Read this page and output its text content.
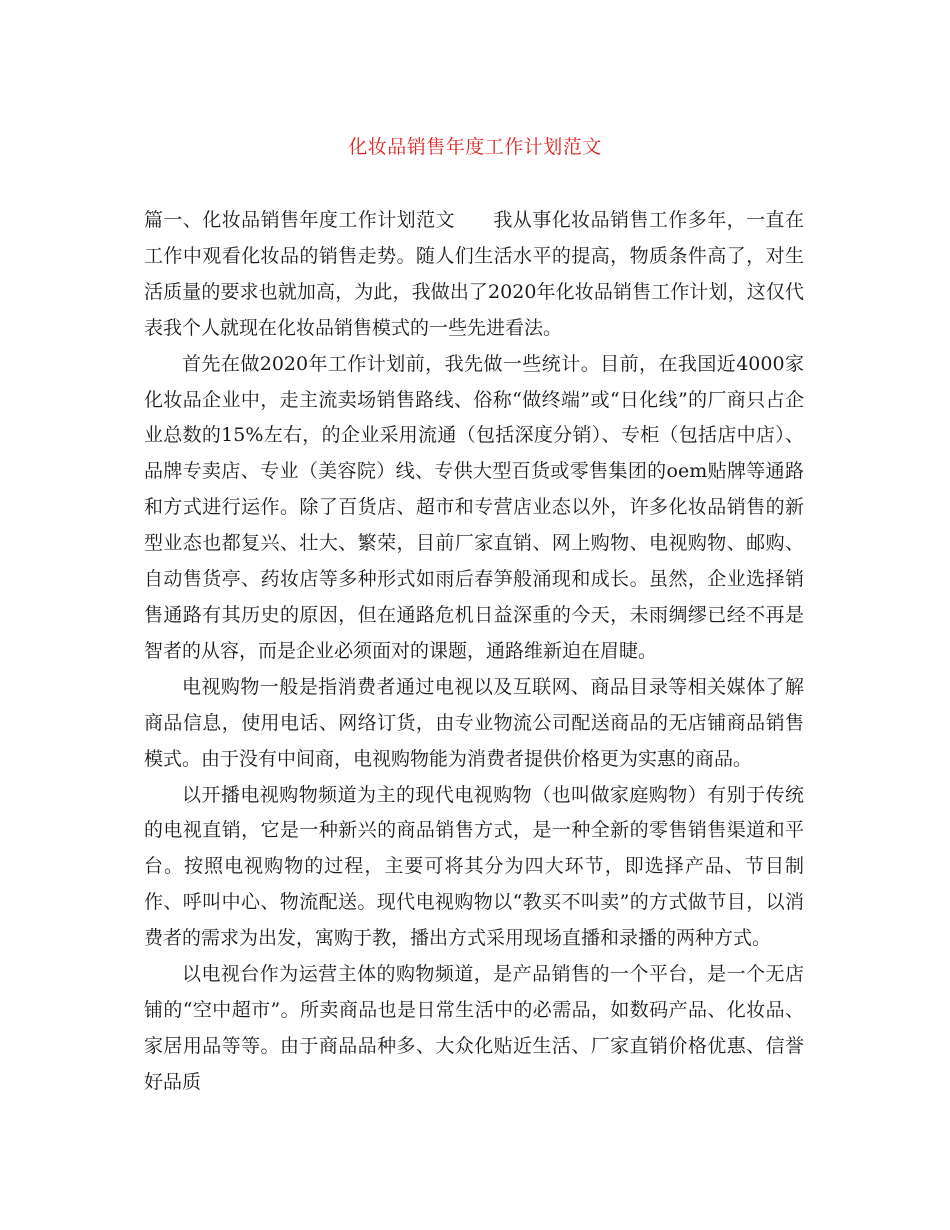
化妆品销售年度工作计划范文

篇一、化妆品销售年度工作计划范文 我从事化妆品销售工作多年，一直在工作中观看化妆品的销售走势。随人们生活水平的提高，物质条件高了，对生活质量的要求也就加高，为此，我做出了2020年化妆品销售工作计划，这仅代表我个人就现在化妆品销售模式的一些先进看法。

首先在做2020年工作计划前，我先做一些统计。目前，在我国近4000家化妆品企业中，走主流卖场销售路线、俗称“做终端”或“日化线”的厂商只占企业总数的15%左右，的企业采用流通（包括深度分销）、专柜（包括店中店）、品牌专卖店、专业（美容院）线、专供大型百货或零售集团的oem贴牌等通路和方式进行运作。除了百货店、超市和专营店业态以外，许多化妆品销售的新型业态也都复兴、壮大、繁荣，目前厂家直销、网上购物、电视购物、邮购、自动售货亭、药妆店等多种形式如雨后春笋般涌现和成长。虽然，企业选择销售通路有其历史的原因，但在通路危机日益深重的今天，未雨绸缪已经不再是智者的从容，而是企业必须面对的课题，通路维新迫在眉睫。

电视购物一般是指消费者通过电视以及互联网、商品目录等相关媒体了解商品信息，使用电话、网络订货，由专业物流公司配送商品的无店铺商品销售模式。由于没有中间商，电视购物能为消费者提供价格更为实惠的商品。

以开播电视购物频道为主的现代电视购物（也叫做家庭购物）有别于传统的电视直销，它是一种新兴的商品销售方式，是一种全新的零售销售渠道和平台。按照电视购物的过程，主要可将其分为四大环节，即选择产品、节目制作、呼叫中心、物流配送。现代电视购物以“教买不叫卖”的方式做节目，以消费者的需求为出发，寓购于教，播出方式采用现场直播和录播的两种方式。

以电视台作为运营主体的购物频道，是产品销售的一个平台，是一个无店铺的“空中超市”。所卖商品也是日常生活中的必需品，如数码产品、化妆品、家居用品等等。由于商品品种多、大众化贴近生活、厂家直销价格优惠、信誉好品质
